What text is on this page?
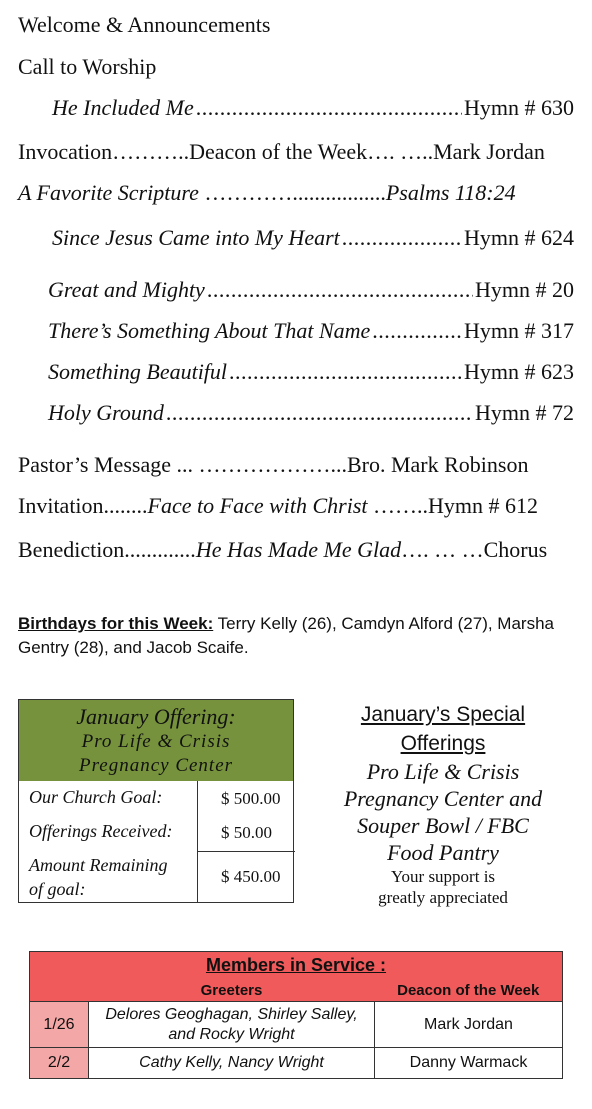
Welcome & Announcements
Call to Worship
He Included Me .....	Hymn # 630
Invocation………..Deacon of the Week…. …..Mark Jordan
A Favorite Scripture ………….................Psalms 118:24
Since Jesus Came into My Heart .....	Hymn # 624
Great and Mighty .....	Hymn # 20
There’s Something About That Name .....	Hymn # 317
Something Beautiful .....	Hymn # 623
Holy Ground .....	Hymn # 72
Pastor’s Message ... ………………...Bro. Mark Robinson
Invitation........Face to Face with Christ ……..Hymn # 612
Benediction.............He Has Made Me Glad…. … …Chorus
Birthdays for this Week: Terry Kelly (26), Camdyn Alford (27), Marsha Gentry (28), and Jacob Scaife.
January Offering:
Pro Life & Crisis
Pregnancy Center
Our Church Goal:	$ 500.00
Offerings Received:	$ 50.00
Amount Remaining
of goal:
$ 450.00
January’s Special
Offerings
Pro Life & Crisis
Pregnancy Center and
Souper Bowl / FBC
Food Pantry
Your support is
greatly appreciated
Members in Service :		
	Greeters	Deacon of the Week
1/26	Delores Geoghagan, Shirley Salley, and Rocky Wright	Mark Jordan
2/2	Cathy Kelly, Nancy Wright	Danny Warmack
